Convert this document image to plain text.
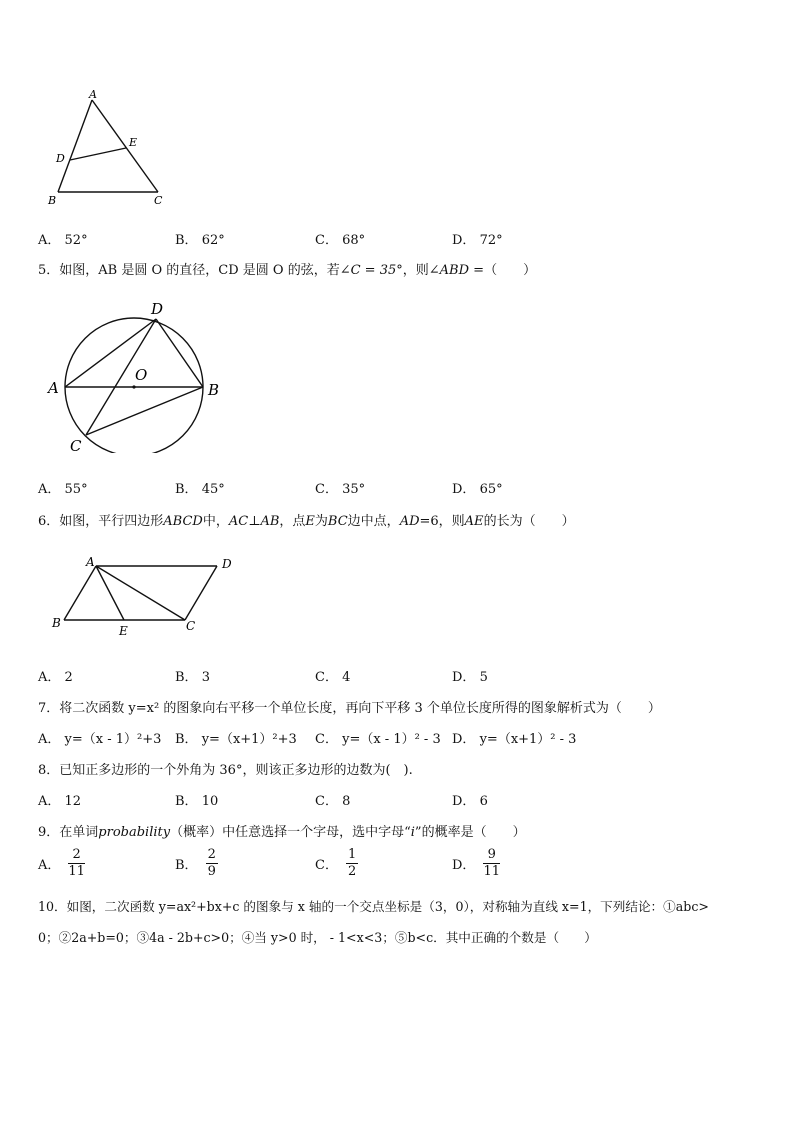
A
D
E
B	C
A． 52°	B． 62°	C． 68°	D． 72°
5．如图，AB 是圆 O 的直径，CD 是圆 O 的弦，若∠C = 35°，则∠ABD =（　　）
D
A
O
B
C
A． 55°	B． 45°	C． 35°	D． 65°
6．如图，平行四边形ABCD中，AC⊥AB，点E为BC边中点，AD=6，则AE的长为（　　）
A	D
B
E	C
A． 2	B． 3	C． 4	D． 5
7．将二次函数 y=x² 的图象向右平移一个单位长度，再向下平移 3 个单位长度所得的图象解析式为（　　）
A． y=（x - 1）²+3 B． y=（x+1）²+3 C． y=（x - 1）² - 3 D． y=（x+1）² - 3
8．已知正多边形的一个外角为 36°，则该正多边形的边数为(　).
A． 12	B． 10	C． 8	D． 6
9．在单词probability（概率）中任意选择一个字母，选中字母“i”的概率是（　　）
A． $\frac{2}{11}$	B． $\frac{2}{9}$	C． $\frac{1}{2}$	D． $\frac{9}{11}$
10．如图，二次函数 y=ax²+bx+c 的图象与 x 轴的一个交点坐标是（3，0），对称轴为直线 x=1，下列结论：①abc>
0；②2a+b=0；③4a - 2b+c>0；④当 y>0 时， - 1<x<3；⑤b<c．其中正确的个数是（　　）
